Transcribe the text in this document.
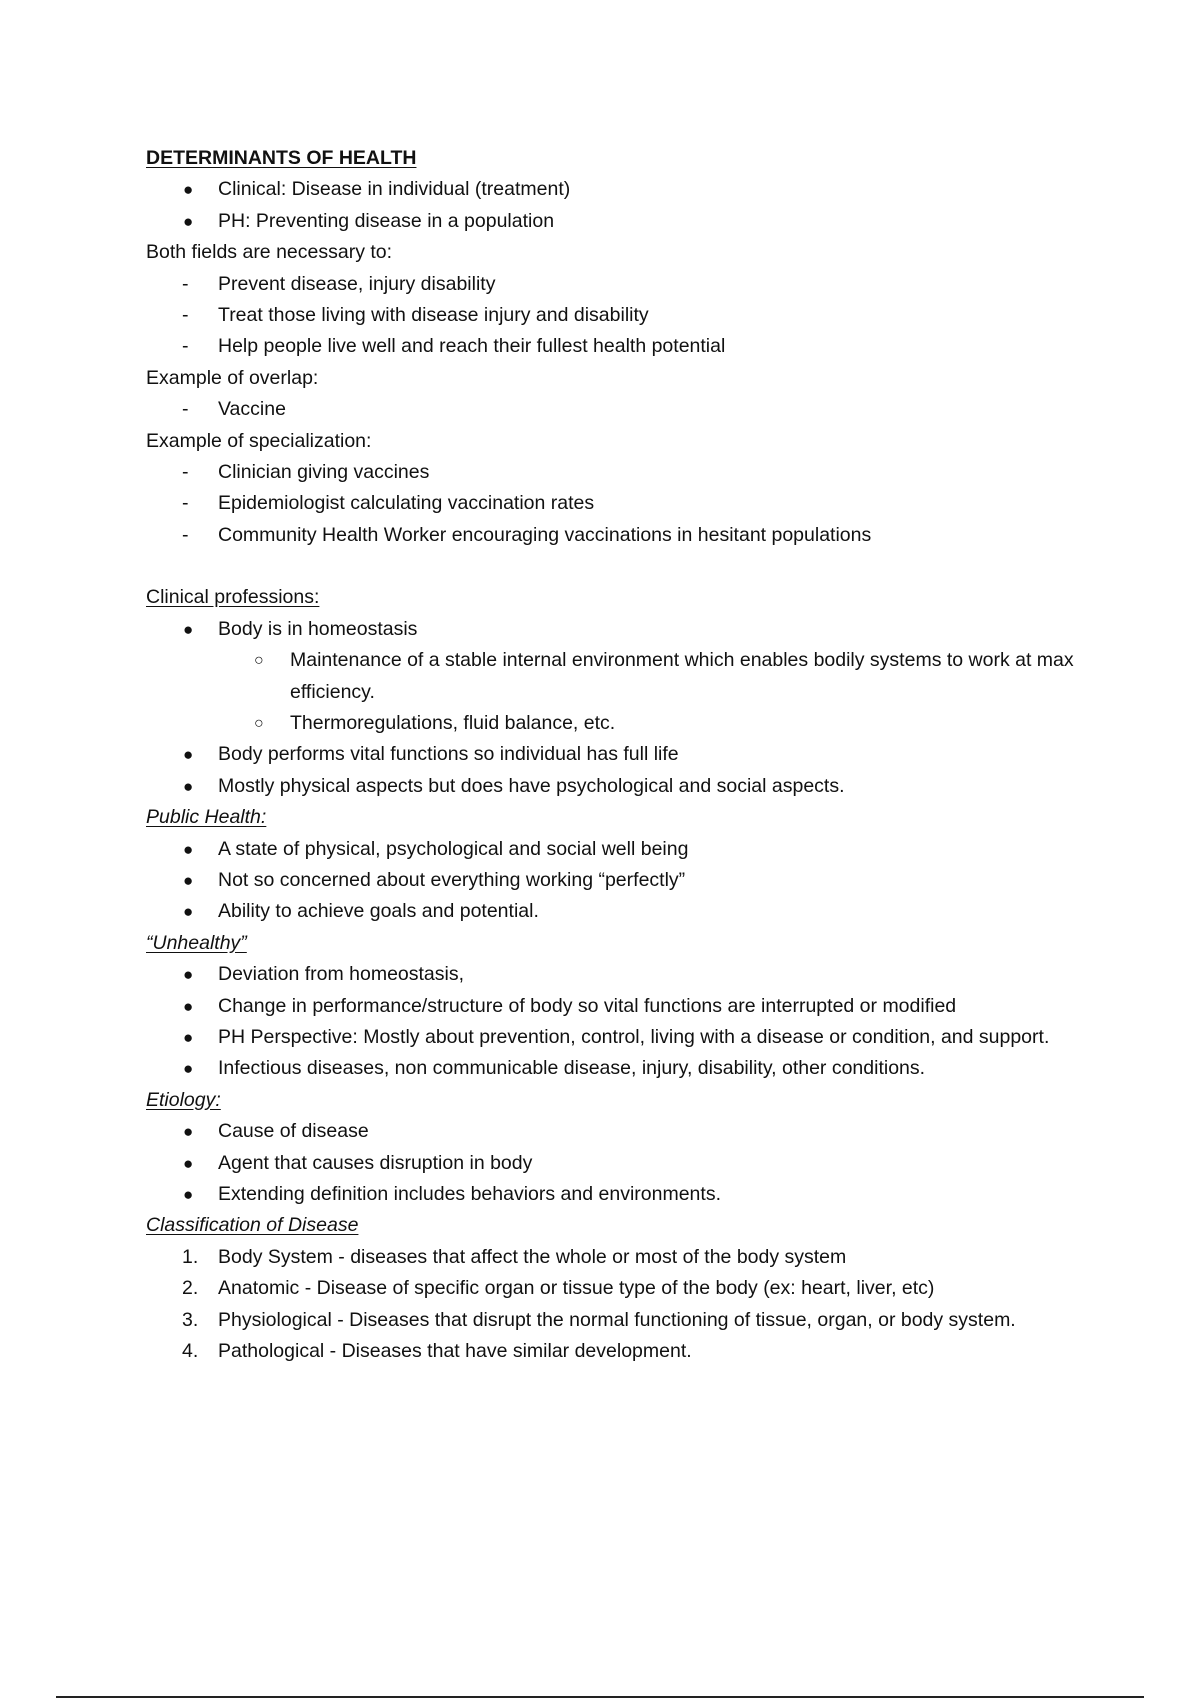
DETERMINANTS OF HEALTH

● Clinical: Disease in individual (treatment)

● PH: Preventing disease in a population

Both fields are necessary to:

- Prevent disease, injury disability

- Treat those living with disease injury and disability

- Help people live well and reach their fullest health potential

Example of overlap:

- Vaccine

Example of specialization:

- Clinician giving vaccines

- Epidemiologist calculating vaccination rates

- Community Health Worker encouraging vaccinations in hesitant populations

Clinical professions:

● Body is in homeostasis

○ Maintenance of a stable internal environment which enables bodily systems to work at max efficiency.

○ Thermoregulations, fluid balance, etc.

● Body performs vital functions so individual has full life

● Mostly physical aspects but does have psychological and social aspects.

Public Health:

● A state of physical, psychological and social well being

● Not so concerned about everything working “perfectly”

● Ability to achieve goals and potential.

“Unhealthy”

● Deviation from homeostasis,

● Change in performance/structure of body so vital functions are interrupted or modified

● PH Perspective: Mostly about prevention, control, living with a disease or condition, and support.

● Infectious diseases, non communicable disease, injury, disability, other conditions.

Etiology:

● Cause of disease

● Agent that causes disruption in body

● Extending definition includes behaviors and environments.

Classification of Disease

1. Body System - diseases that affect the whole or most of the body system

2. Anatomic - Disease of specific organ or tissue type of the body (ex: heart, liver, etc)

3. Physiological - Diseases that disrupt the normal functioning of tissue, organ, or body system.

4. Pathological - Diseases that have similar development.
